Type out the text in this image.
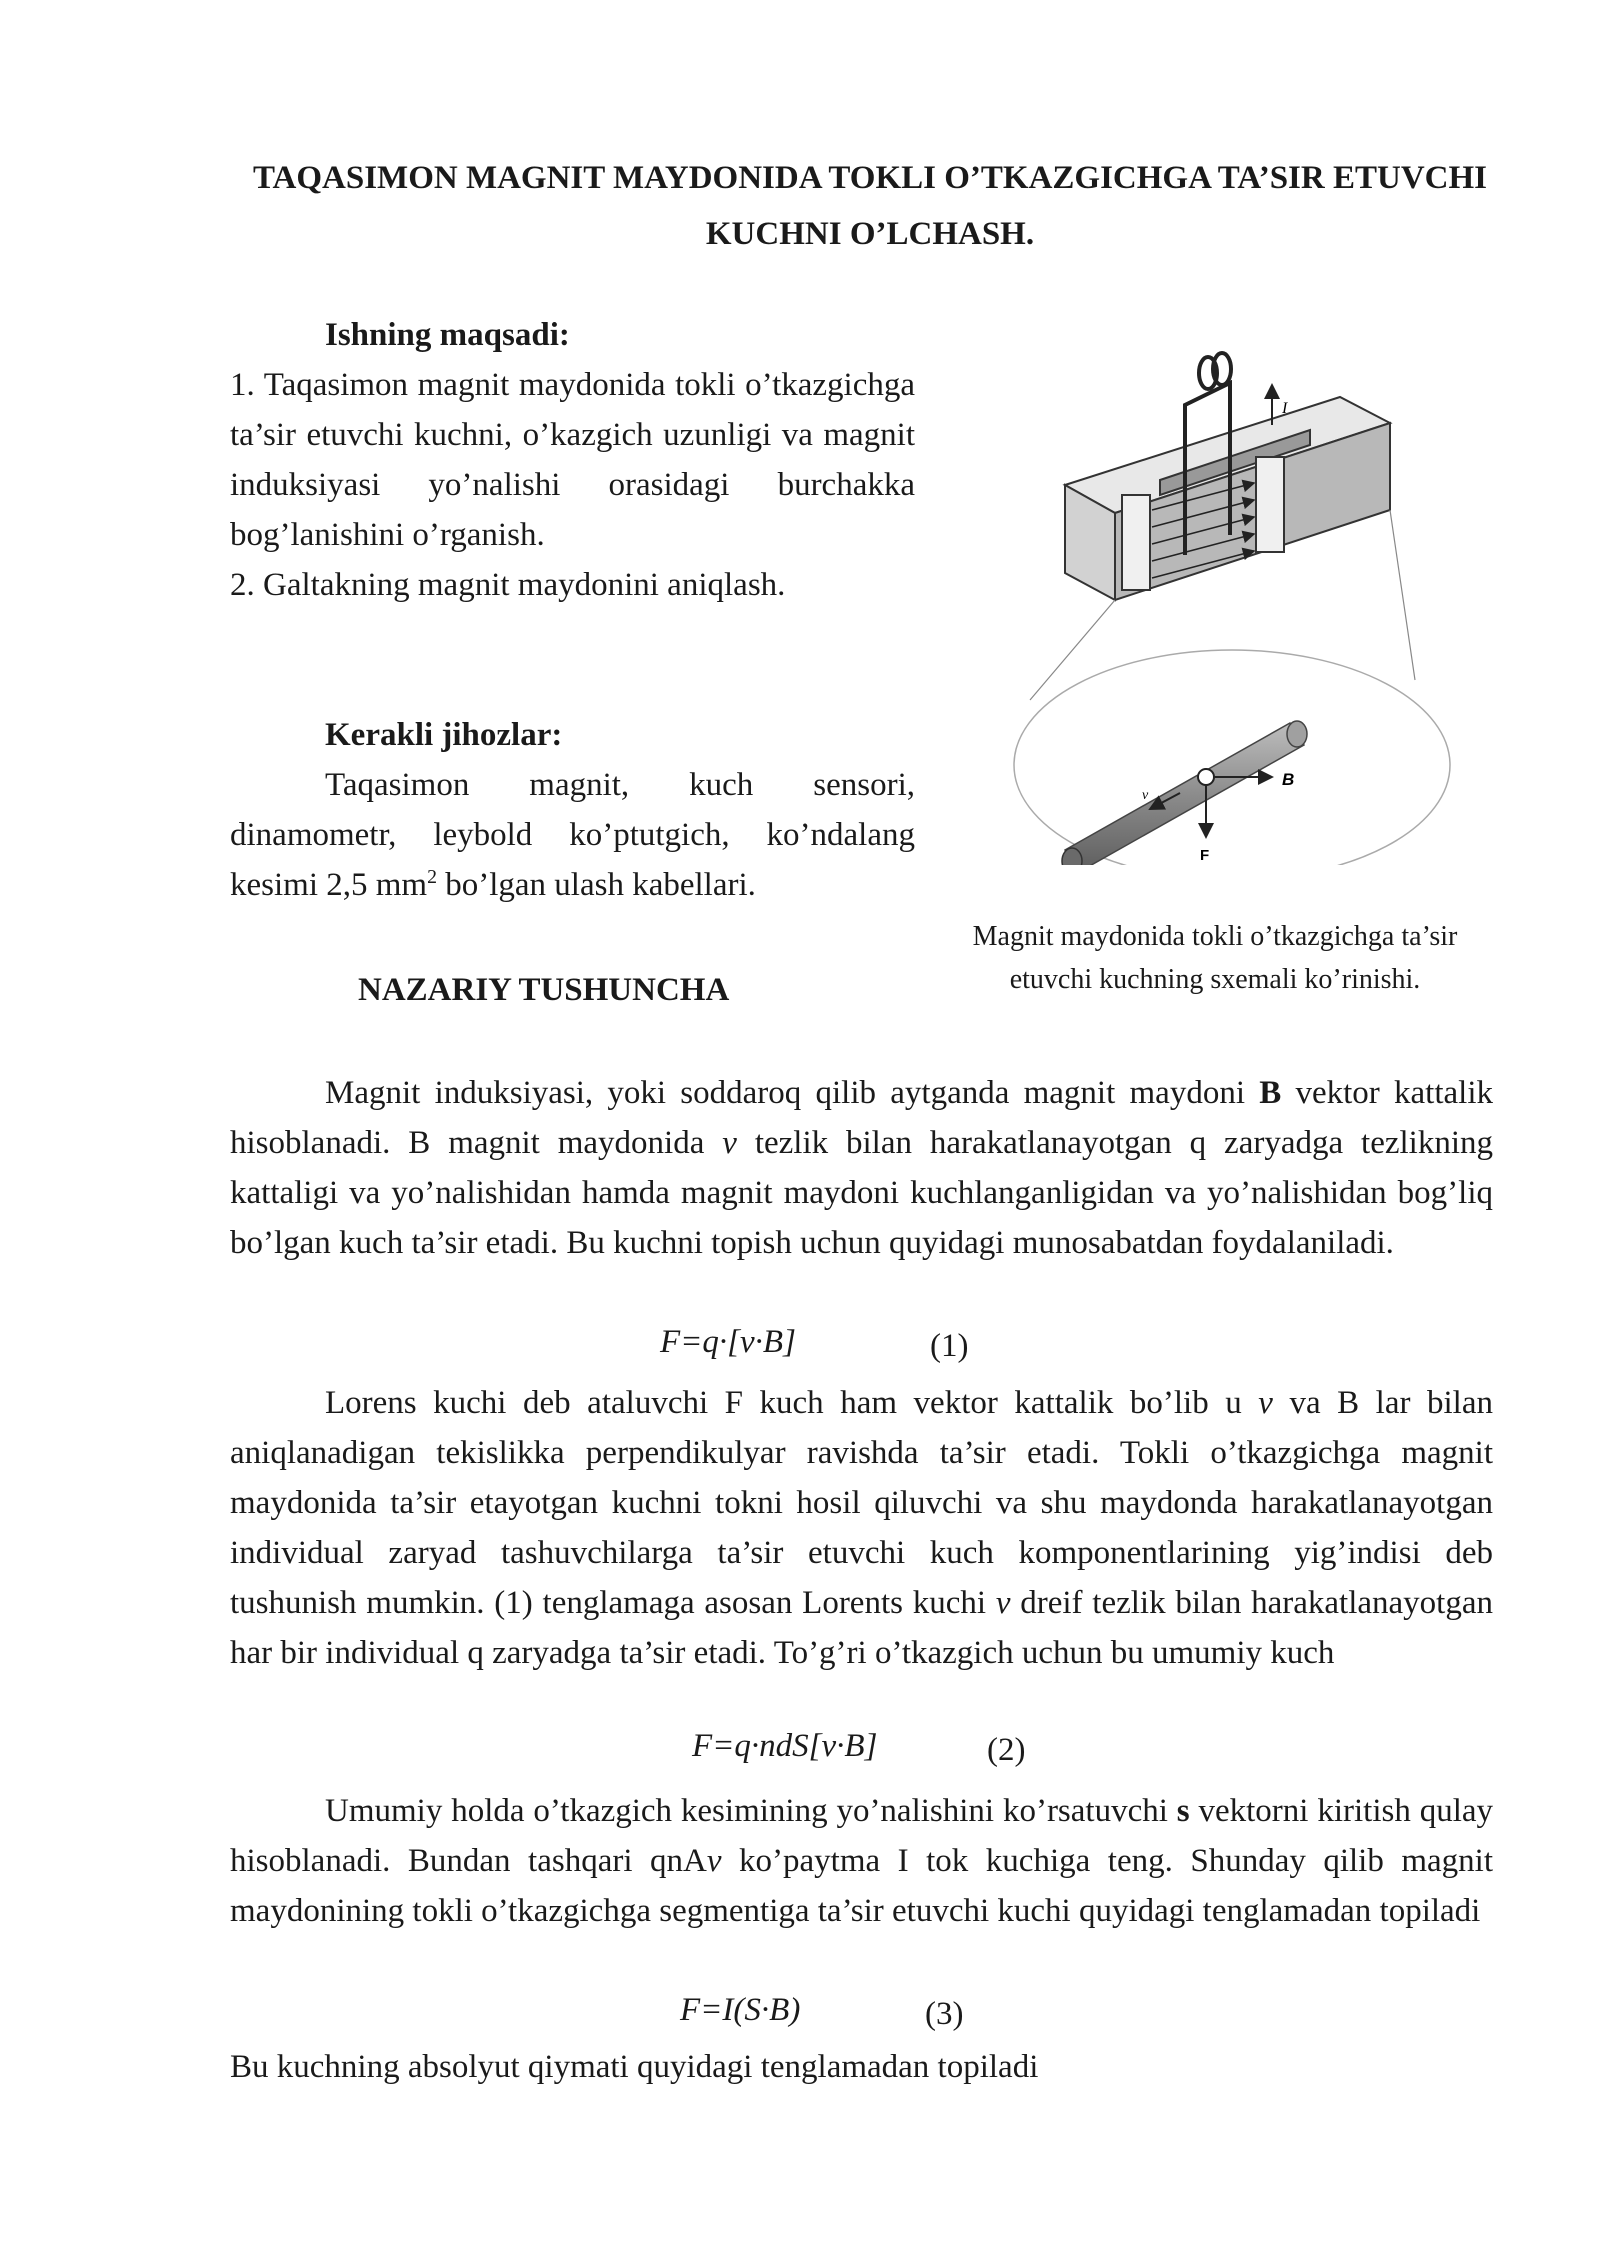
TAQASIMON MAGNIT MAYDONIDA TOKLI O’TKAZGICHGA TA’SIR ETUVCHI KUCHNI O’LCHASH.
Ishning maqsadi:
1. Taqasimon magnit maydonida tokli o’tkazgichga ta’sir etuvchi kuchni, o’kazgich uzunligi va magnit induksiyasi yo’nalishi orasidagi burchakka bog’lanishini o’rganish.
2. Galtakning magnit maydonini aniqlash.
Kerakli jihozlar:

Taqasimon magnit, kuch sensori, dinamometr, leybold ko’ptutgich, ko’ndalang kesimi 2,5 $mm^2$ bo’lgan ulash kabellari.

I
B
F
v

Magnit maydonida tokli o’tkazgichga ta’sir etuvchi kuchning sxemali ko’rinishi.

NAZARIY TUSHUNCHA

Magnit induksiyasi, yoki soddaroq qilib aytganda magnit maydoni B vektor kattalik hisoblanadi. B magnit maydonida v tezlik bilan harakatlanayotgan q zaryadga tezlikning kattaligi va yo’nalishidan hamda magnit maydoni kuchlanganligidan va yo’nalishidan bog’liq bo’lgan kuch ta’sir etadi. Bu kuchni topish uchun quyidagi munosabatdan foydalaniladi.

F=q·[v·B]	(1)

Lorens kuchi deb ataluvchi F kuch ham vektor kattalik bo’lib u v va B lar bilan aniqlanadigan tekislikka perpendikulyar ravishda ta’sir etadi. Tokli o’tkazgichga magnit maydonida ta’sir etayotgan kuchni tokni hosil qiluvchi va shu maydonda harakatlanayotgan individual zaryad tashuvchilarga ta’sir etuvchi kuch komponentlarining yig’indisi deb tushunish mumkin. (1) tenglamaga asosan Lorents kuchi v dreif tezlik bilan harakatlanayotgan har bir individual q zaryadga ta’sir etadi. To’g’ri o’tkazgich uchun bu umumiy kuch

F=q·ndS[v·B]	(2)

Umumiy holda o’tkazgich kesimining yo’nalishini ko’rsatuvchi s vektorni kiritish qulay hisoblanadi. Bundan tashqari qnAv ko’paytma I tok kuchiga teng. Shunday qilib magnit maydonining tokli o’tkazgichga segmentiga ta’sir etuvchi kuchi quyidagi tenglamadan topiladi

F=I(S·B)	(3)

Bu kuchning absolyut qiymati quyidagi tenglamadan topiladi
